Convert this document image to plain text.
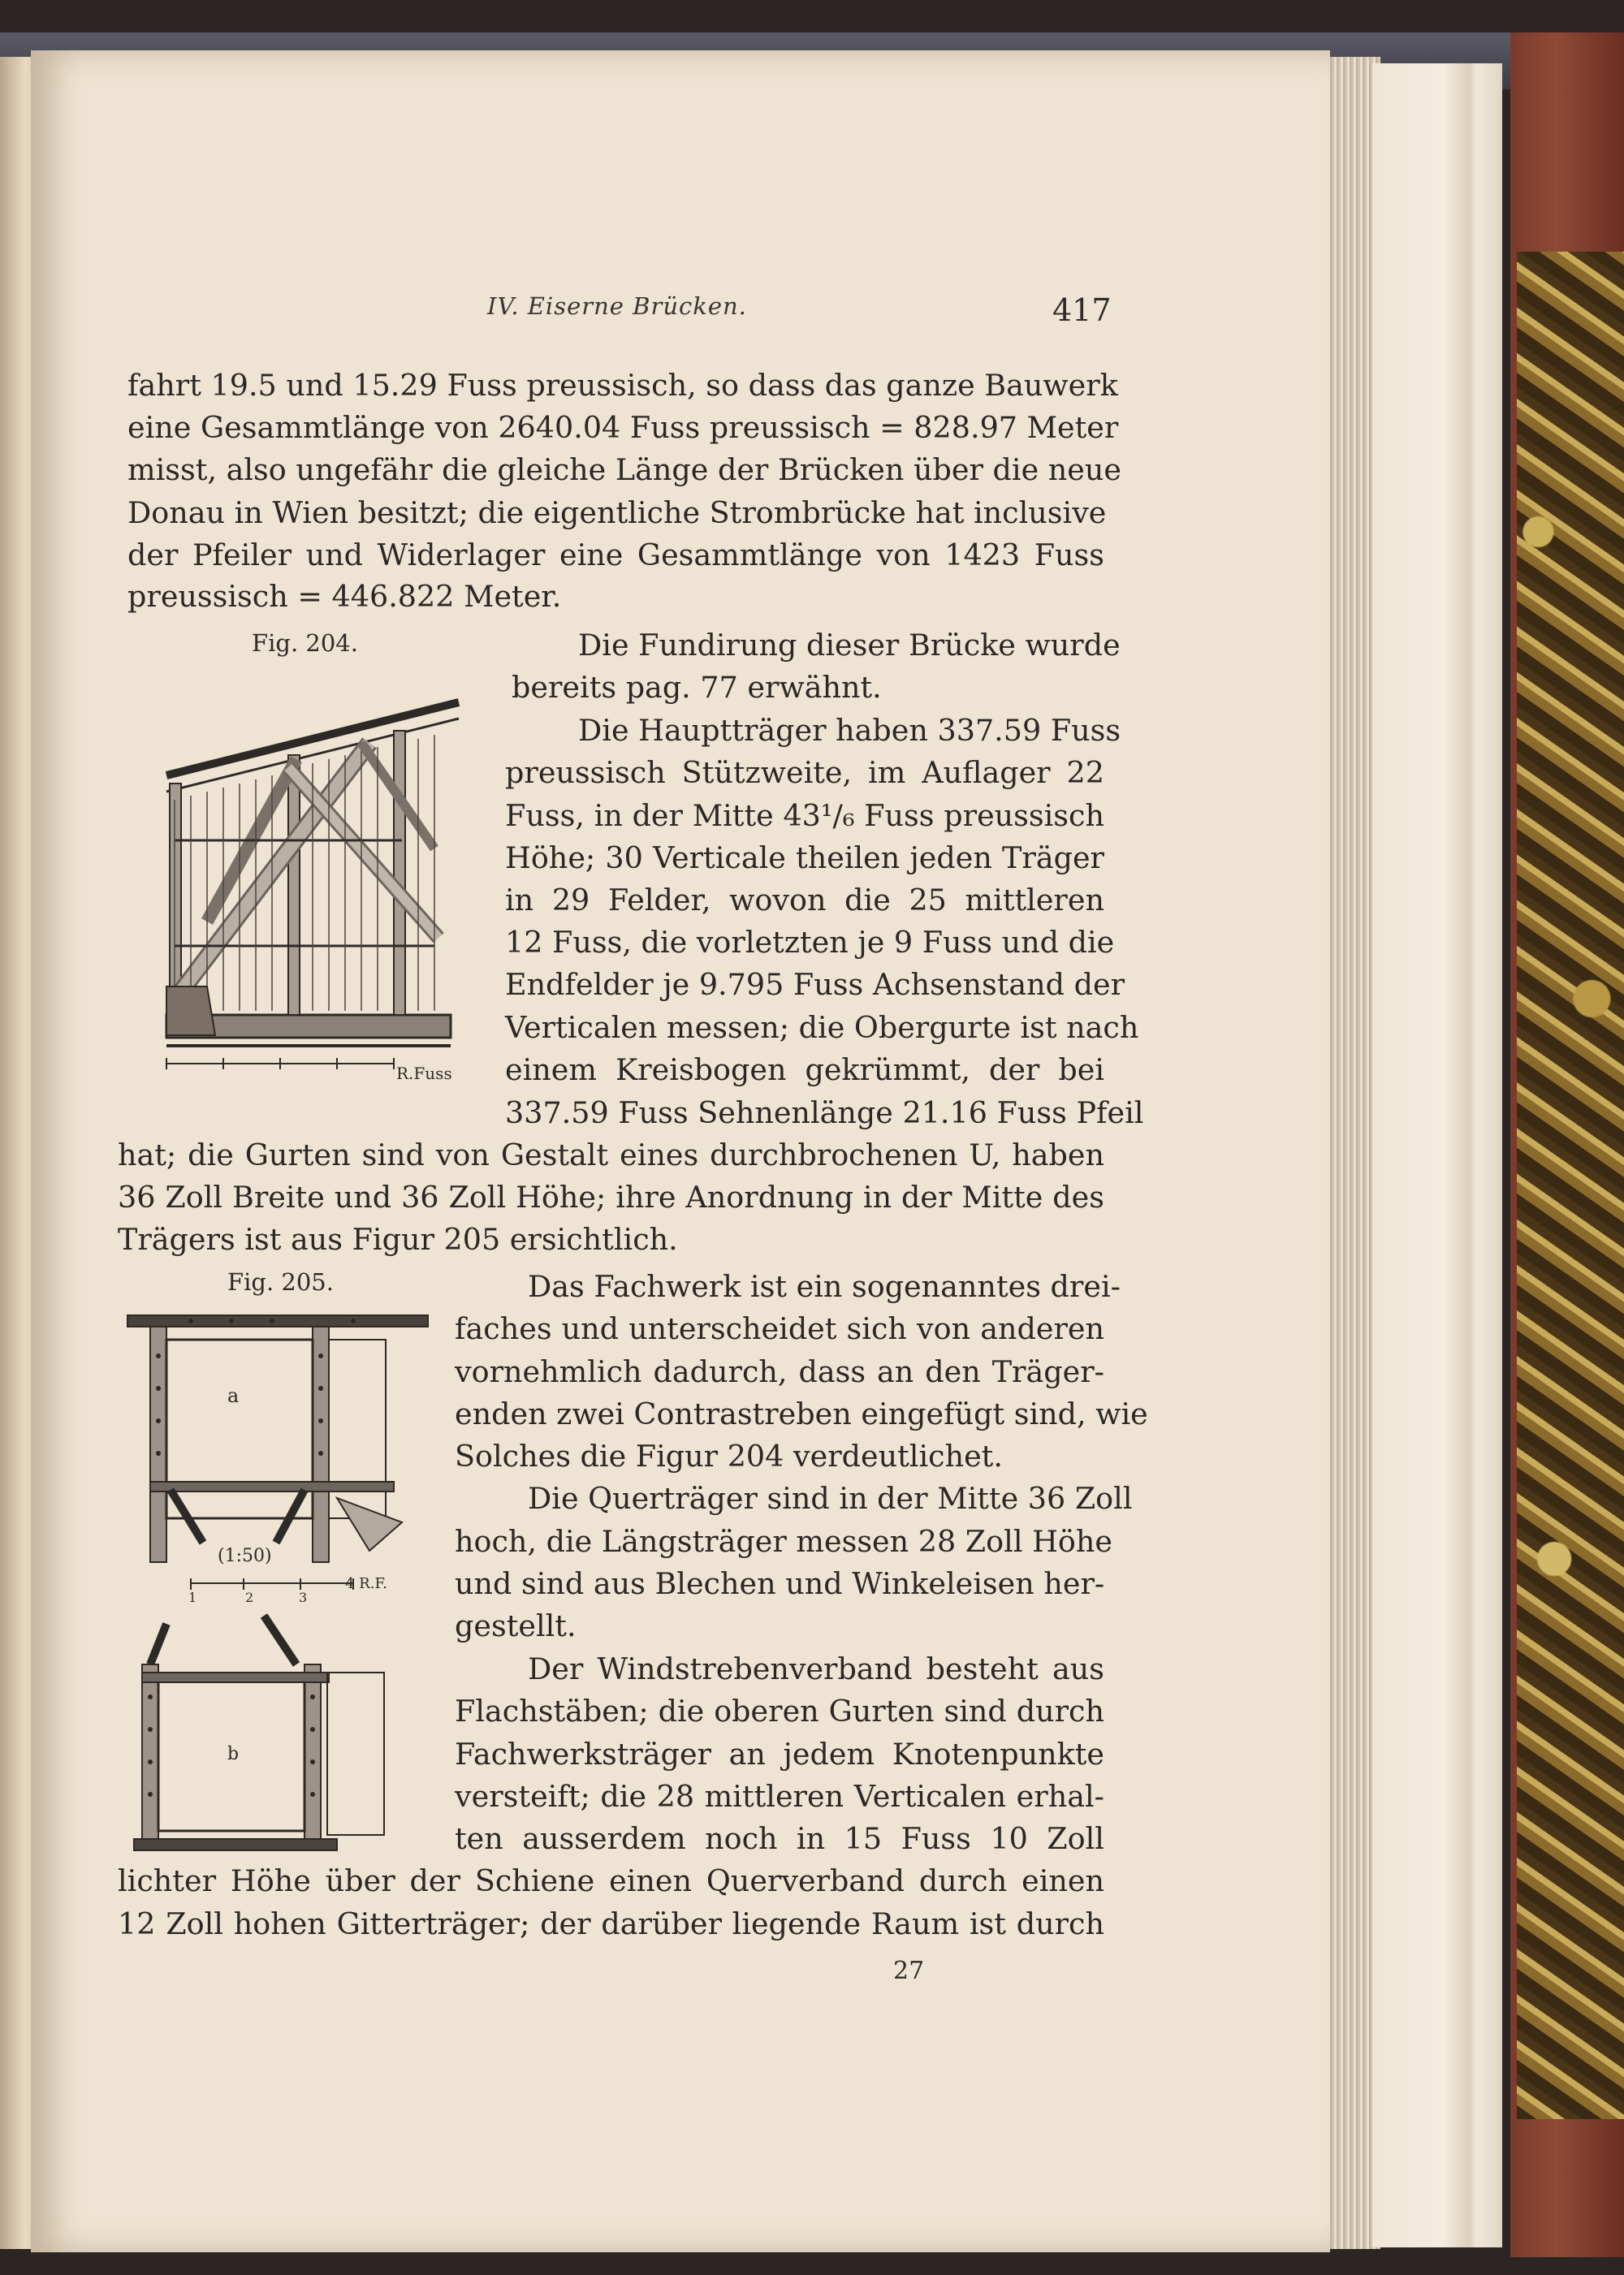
IV. Eiserne Brücken.	417
fahrt 19.5 und 15.29 Fuss preussisch, so dass das ganze Bauwerk
eine Gesammtlänge von 2640.04 Fuss preussisch = 828.97 Meter
misst, also ungefähr die gleiche Länge der Brücken über die neue
Donau in Wien besitzt; die eigentliche Strombrücke hat inclusive
der Pfeiler und Widerlager eine Gesammtlänge von 1423 Fuss
preussisch = 446.822 Meter.
Fig. 204.
R.Fuss
Die Fundirung dieser Brücke wurde
bereits pag. 77 erwähnt.
Die Hauptträger haben 337.59 Fuss
preussisch Stützweite, im Auflager 22
Fuss, in der Mitte 43¹/₆ Fuss preussisch
Höhe; 30 Verticale theilen jeden Träger
in 29 Felder, wovon die 25 mittleren
12 Fuss, die vorletzten je 9 Fuss und die
Endfelder je 9.795 Fuss Achsenstand der
Verticalen messen; die Obergurte ist nach
einem Kreisbogen gekrümmt, der bei
337.59 Fuss Sehnenlänge 21.16 Fuss Pfeil
hat; die Gurten sind von Gestalt eines durchbrochenen U, haben
36 Zoll Breite und 36 Zoll Höhe; ihre Anordnung in der Mitte des
Trägers ist aus Figur 205 ersichtlich.
Fig. 205.
a
(1:50)
1	2	3
4 R.F.
b
Das Fachwerk ist ein sogenanntes drei-
faches und unterscheidet sich von anderen
vornehmlich dadurch, dass an den Träger-
enden zwei Contrastreben eingefügt sind, wie
Solches die Figur 204 verdeutlichet.
Die Querträger sind in der Mitte 36 Zoll
hoch, die Längsträger messen 28 Zoll Höhe
und sind aus Blechen und Winkeleisen her-
gestellt.
Der Windstrebenverband besteht aus
Flachstäben; die oberen Gurten sind durch
Fachwerksträger an jedem Knotenpunkte
versteift; die 28 mittleren Verticalen erhal-
ten ausserdem noch in 15 Fuss 10 Zoll
lichter Höhe über der Schiene einen Querverband durch einen
12 Zoll hohen Gitterträger; der darüber liegende Raum ist durch
27
